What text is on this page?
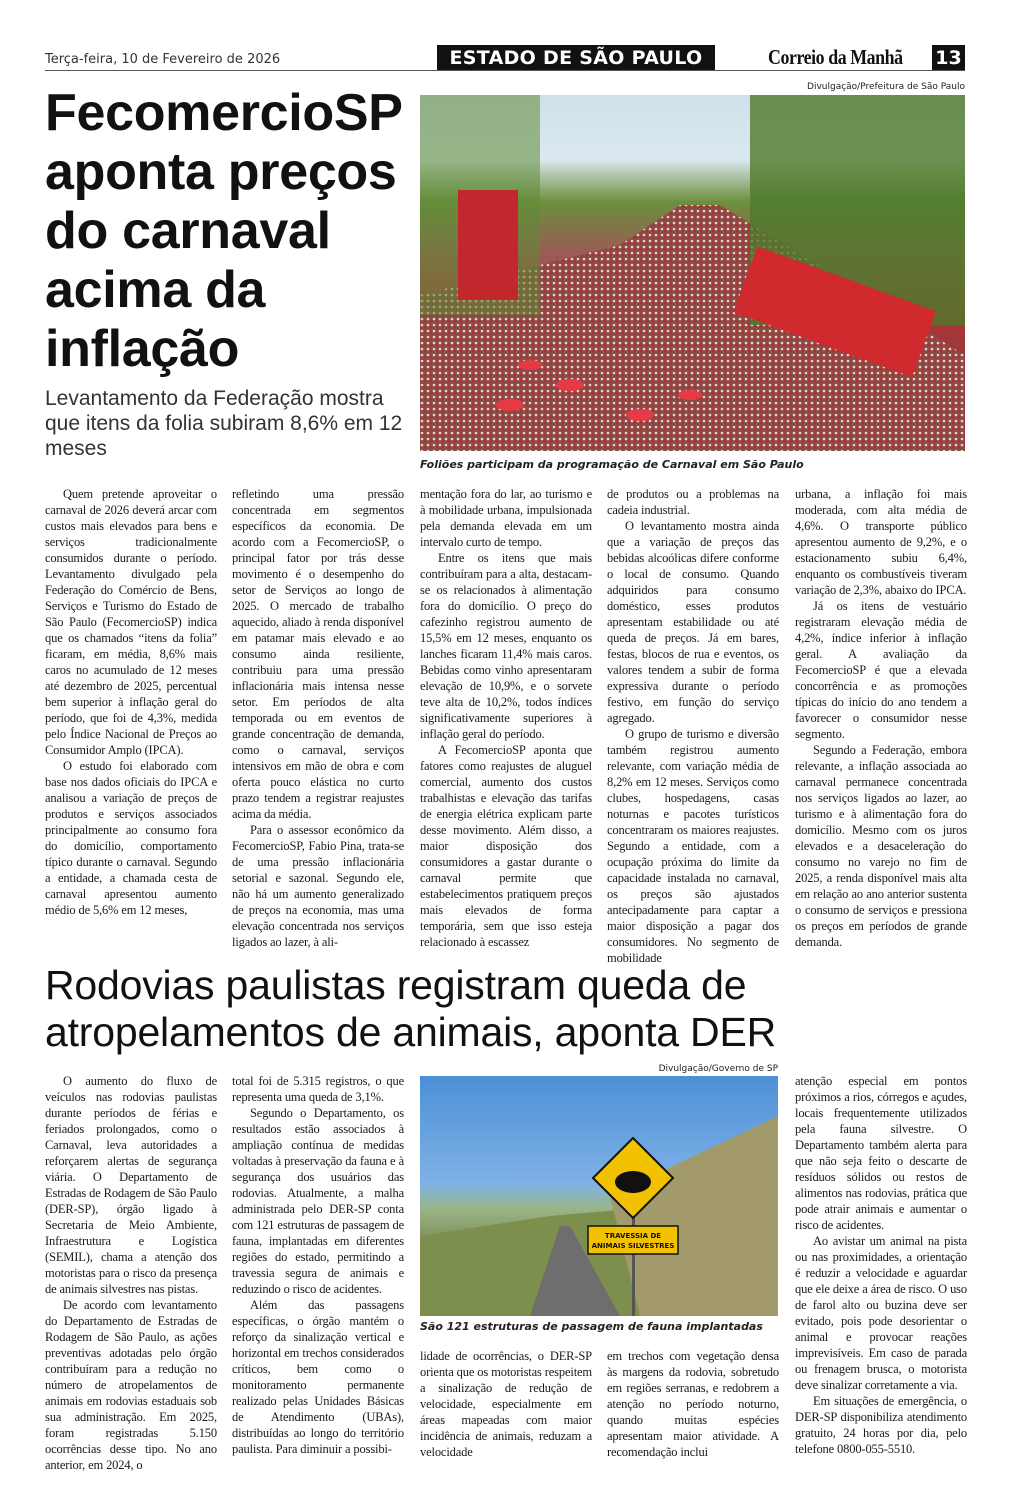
Terça-feira, 10 de Fevereiro de 2026	ESTADO DE SÃO PAULO	Correio da Manhã 13
FecomercioSP aponta preços do carnaval acima da inflação
Levantamento da Federação mostra que itens da folia subiram 8,6% em 12 meses
Divulgação/Prefeitura de São Paulo
Foliões participam da programação de Carnaval em São Paulo

Quem pretende aproveitar o carnaval de 2026 deverá arcar com custos mais elevados para bens e serviços tradicionalmente consumidos durante o período. Levantamento divulgado pela Federação do Comércio de Bens, Serviços e Turismo do Estado de São Paulo (FecomercioSP) indica que os chamados “itens da folia” ficaram, em média, 8,6% mais caros no acumulado de 12 meses até dezembro de 2025, percentual bem superior à inflação geral do período, que foi de 4,3%, medida pelo Índice Nacional de Preços ao Consumidor Amplo (IPCA).

O estudo foi elaborado com base nos dados oficiais do IPCA e analisou a variação de preços de produtos e serviços associados principalmente ao consumo fora do domicílio, comportamento típico durante o carnaval. Segundo a entidade, a chamada cesta de carnaval apresentou aumento médio de 5,6% em 12 meses,

refletindo uma pressão concentrada em segmentos específicos da economia. De acordo com a FecomercioSP, o principal fator por trás desse movimento é o desempenho do setor de Serviços ao longo de 2025. O mercado de trabalho aquecido, aliado à renda disponível em patamar mais elevado e ao consumo ainda resiliente, contribuiu para uma pressão inflacionária mais intensa nesse setor. Em períodos de alta temporada ou em eventos de grande concentração de demanda, como o carnaval, serviços intensivos em mão de obra e com oferta pouco elástica no curto prazo tendem a registrar reajustes acima da média.

Para o assessor econômico da FecomercioSP, Fabio Pina, trata-se de uma pressão inflacionária setorial e sazonal. Segundo ele, não há um aumento generalizado de preços na economia, mas uma elevação concentrada nos serviços ligados ao lazer, à ali-

mentação fora do lar, ao turismo e à mobilidade urbana, impulsionada pela demanda elevada em um intervalo curto de tempo.

Entre os itens que mais contribuíram para a alta, destacam-se os relacionados à alimentação fora do domicílio. O preço do cafezinho registrou aumento de 15,5% em 12 meses, enquanto os lanches ficaram 11,4% mais caros. Bebidas como vinho apresentaram elevação de 10,9%, e o sorvete teve alta de 10,2%, todos índices significativamente superiores à inflação geral do período.

A FecomercioSP aponta que fatores como reajustes de aluguel comercial, aumento dos custos trabalhistas e elevação das tarifas de energia elétrica explicam parte desse movimento. Além disso, a maior disposição dos consumidores a gastar durante o carnaval permite que estabelecimentos pratiquem preços mais elevados de forma temporária, sem que isso esteja relacionado à escassez

de produtos ou a problemas na cadeia industrial.

O levantamento mostra ainda que a variação de preços das bebidas alcoólicas difere conforme o local de consumo. Quando adquiridos para consumo doméstico, esses produtos apresentam estabilidade ou até queda de preços. Já em bares, festas, blocos de rua e eventos, os valores tendem a subir de forma expressiva durante o período festivo, em função do serviço agregado.

O grupo de turismo e diversão também registrou aumento relevante, com variação média de 8,2% em 12 meses. Serviços como clubes, hospedagens, casas noturnas e pacotes turísticos concentraram os maiores reajustes. Segundo a entidade, com a ocupação próxima do limite da capacidade instalada no carnaval, os preços são ajustados antecipadamente para captar a maior disposição a pagar dos consumidores. No segmento de mobilidade

urbana, a inflação foi mais moderada, com alta média de 4,6%. O transporte público apresentou aumento de 9,2%, e o estacionamento subiu 6,4%, enquanto os combustíveis tiveram variação de 2,3%, abaixo do IPCA.

Já os itens de vestuário registraram elevação média de 4,2%, índice inferior à inflação geral. A avaliação da FecomercioSP é que a elevada concorrência e as promoções típicas do início do ano tendem a favorecer o consumidor nesse segmento.

Segundo a Federação, embora relevante, a inflação associada ao carnaval permanece concentrada nos serviços ligados ao lazer, ao turismo e à alimentação fora do domicílio. Mesmo com os juros elevados e a desaceleração do consumo no varejo no fim de 2025, a renda disponível mais alta em relação ao ano anterior sustenta o consumo de serviços e pressiona os preços em períodos de grande demanda.

Rodovias paulistas registram queda de atropelamentos de animais, aponta DER
Divulgação/Governo de SP
TRAVESSIA DE
ANIMAIS SILVESTRES
São 121 estruturas de passagem de fauna implantadas

O aumento do fluxo de veículos nas rodovias paulistas durante períodos de férias e feriados prolongados, como o Carnaval, leva autoridades a reforçarem alertas de segurança viária. O Departamento de Estradas de Rodagem de São Paulo (DER-SP), órgão ligado à Secretaria de Meio Ambiente, Infraestrutura e Logística (SEMIL), chama a atenção dos motoristas para o risco da presença de animais silvestres nas pistas.

De acordo com levantamento do Departamento de Estradas de Rodagem de São Paulo, as ações preventivas adotadas pelo órgão contribuíram para a redução no número de atropelamentos de animais em rodovias estaduais sob sua administração. Em 2025, foram registradas 5.150 ocorrências desse tipo. No ano anterior, em 2024, o

total foi de 5.315 registros, o que representa uma queda de 3,1%.

Segundo o Departamento, os resultados estão associados à ampliação contínua de medidas voltadas à preservação da fauna e à segurança dos usuários das rodovias. Atualmente, a malha administrada pelo DER-SP conta com 121 estruturas de passagem de fauna, implantadas em diferentes regiões do estado, permitindo a travessia segura de animais e reduzindo o risco de acidentes.

Além das passagens específicas, o órgão mantém o reforço da sinalização vertical e horizontal em trechos considerados críticos, bem como o monitoramento permanente realizado pelas Unidades Básicas de Atendimento (UBAs), distribuídas ao longo do território paulista. Para diminuir a possibi-

lidade de ocorrências, o DER-SP orienta que os motoristas respeitem a sinalização de redução de velocidade, especialmente em áreas mapeadas com maior incidência de animais, reduzam a velocidade

em trechos com vegetação densa às margens da rodovia, sobretudo em regiões serranas, e redobrem a atenção no período noturno, quando muitas espécies apresentam maior atividade. A recomendação inclui

atenção especial em pontos próximos a rios, córregos e açudes, locais frequentemente utilizados pela fauna silvestre. O Departamento também alerta para que não seja feito o descarte de resíduos sólidos ou restos de alimentos nas rodovias, prática que pode atrair animais e aumentar o risco de acidentes.

Ao avistar um animal na pista ou nas proximidades, a orientação é reduzir a velocidade e aguardar que ele deixe a área de risco. O uso de farol alto ou buzina deve ser evitado, pois pode desorientar o animal e provocar reações imprevisíveis. Em caso de parada ou frenagem brusca, o motorista deve sinalizar corretamente a via.

Em situações de emergência, o DER-SP disponibiliza atendimento gratuito, 24 horas por dia, pelo telefone 0800-055-5510.
